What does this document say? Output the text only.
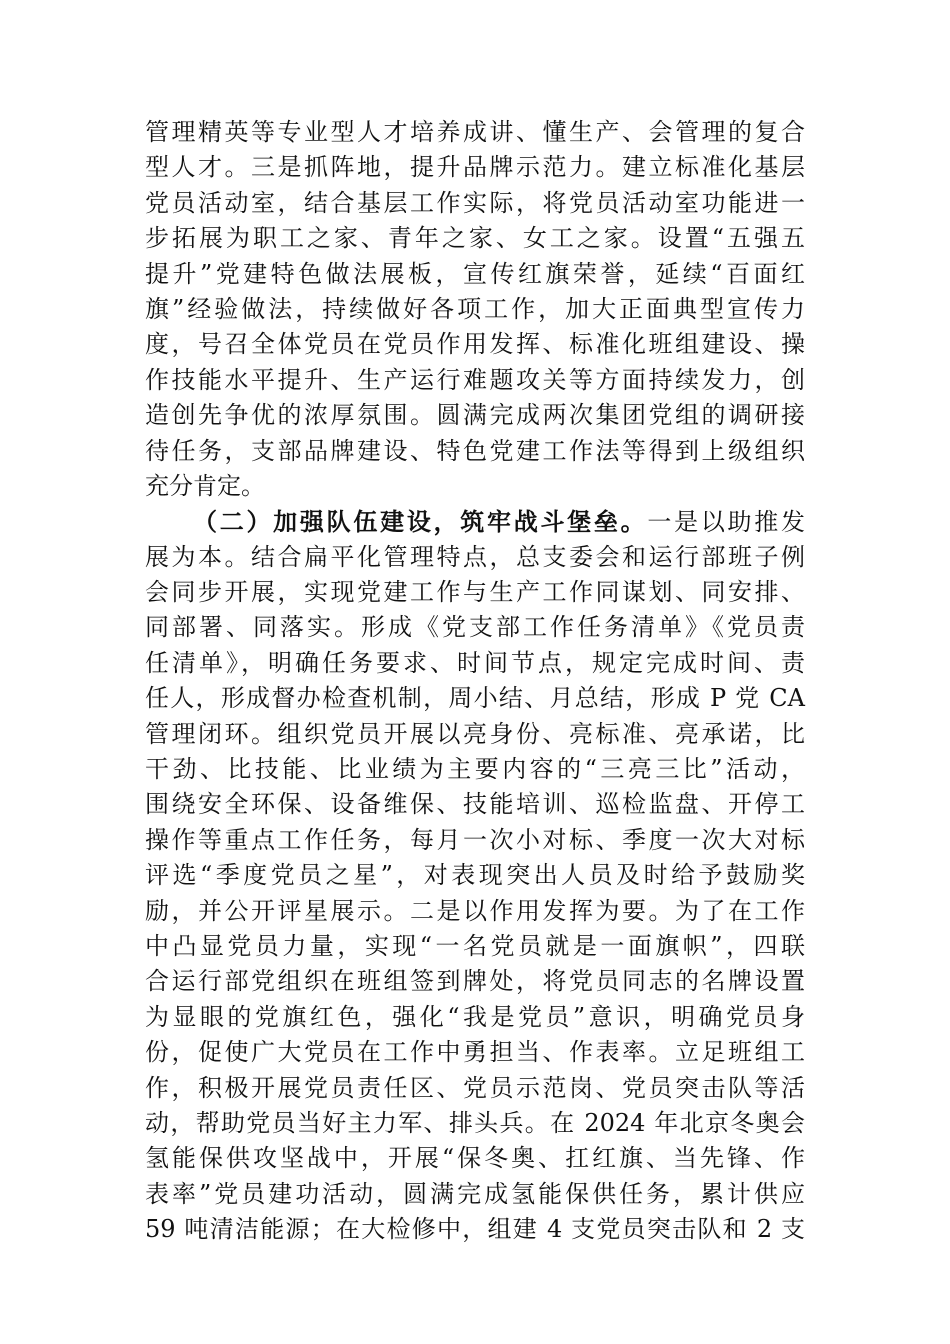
管理精英等专业型人才培养成讲、懂生产、会管理的复合
型人才。三是抓阵地，提升品牌示范力。建立标准化基层
党员活动室，结合基层工作实际，将党员活动室功能进一
步拓展为职工之家、青年之家、女工之家。设置“五强五
提升”党建特色做法展板，宣传红旗荣誉，延续“百面红
旗”经验做法，持续做好各项工作，加大正面典型宣传力
度，号召全体党员在党员作用发挥、标准化班组建设、操
作技能水平提升、生产运行难题攻关等方面持续发力，创
造创先争优的浓厚氛围。圆满完成两次集团党组的调研接
待任务，支部品牌建设、特色党建工作法等得到上级组织
充分肯定。
（二）加强队伍建设，筑牢战斗堡垒。一是以助推发
展为本。结合扁平化管理特点，总支委会和运行部班子例
会同步开展，实现党建工作与生产工作同谋划、同安排、
同部署、同落实。形成《党支部工作任务清单》《党员责
任清单》，明确任务要求、时间节点，规定完成时间、责
任人，形成督办检查机制，周小结、月总结，形成 P 党 CA
管理闭环。组织党员开展以亮身份、亮标准、亮承诺，比
干劲、比技能、比业绩为主要内容的“三亮三比”活动，
围绕安全环保、设备维保、技能培训、巡检监盘、开停工
操作等重点工作任务，每月一次小对标、季度一次大对标
评选“季度党员之星”，对表现突出人员及时给予鼓励奖
励，并公开评星展示。二是以作用发挥为要。为了在工作
中凸显党员力量，实现“一名党员就是一面旗帜”，四联
合运行部党组织在班组签到牌处，将党员同志的名牌设置
为显眼的党旗红色，强化“我是党员”意识，明确党员身
份，促使广大党员在工作中勇担当、作表率。立足班组工
作，积极开展党员责任区、党员示范岗、党员突击队等活
动，帮助党员当好主力军、排头兵。在 2024 年北京冬奥会
氢能保供攻坚战中，开展“保冬奥、扛红旗、当先锋、作
表率”党员建功活动，圆满完成氢能保供任务，累计供应
59 吨清洁能源；在大检修中，组建 4 支党员突击队和 2 支
